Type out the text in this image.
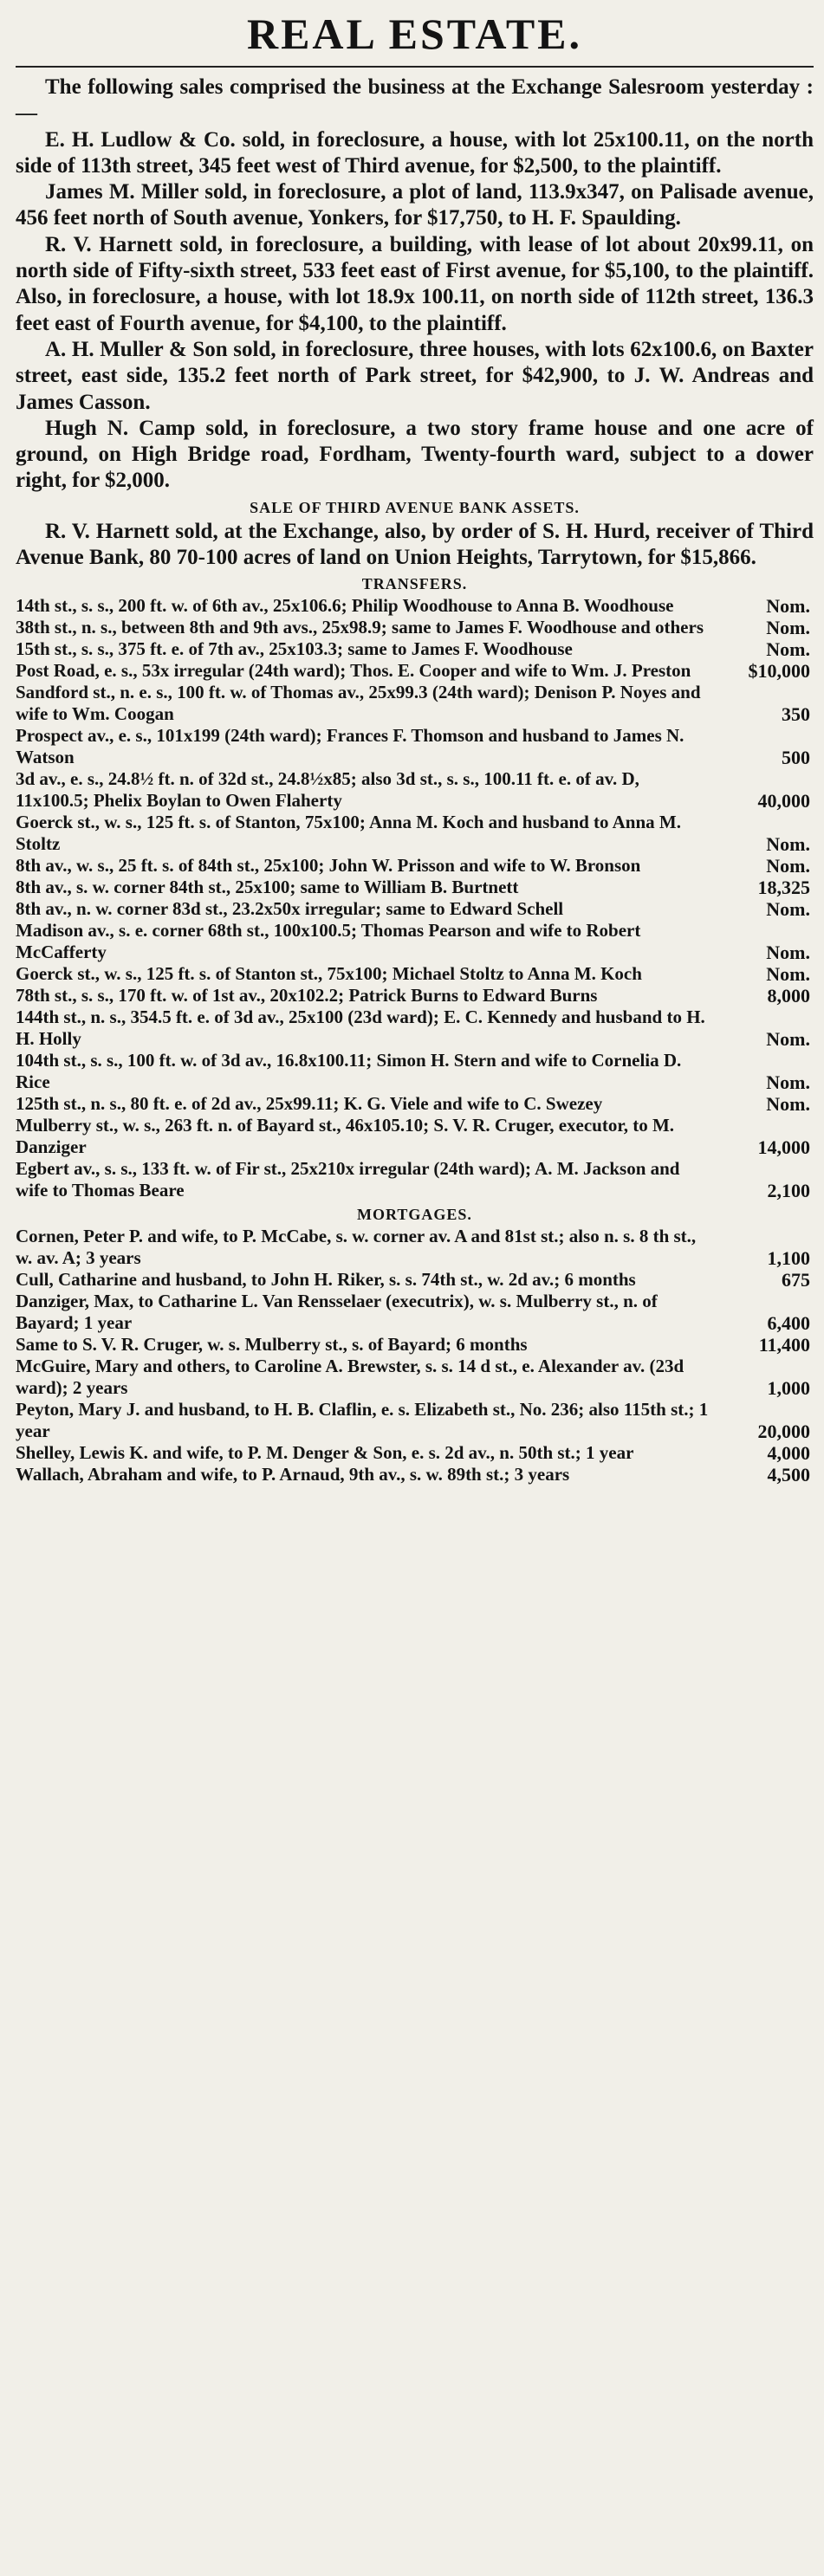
REAL ESTATE.

The following sales comprised the business at the Exchange Salesroom yesterday :—

E. H. Ludlow & Co. sold, in foreclosure, a house, with lot 25x100.11, on the north side of 113th street, 345 feet west of Third avenue, for $2,500, to the plaintiff.

James M. Miller sold, in foreclosure, a plot of land, 113.9x347, on Palisade avenue, 456 feet north of South avenue, Yonkers, for $17,750, to H. F. Spaulding.

R. V. Harnett sold, in foreclosure, a building, with lease of lot about 20x99.11, on north side of Fifty-sixth street, 533 feet east of First avenue, for $5,100, to the plaintiff. Also, in foreclosure, a house, with lot 18.9x 100.11, on north side of 112th street, 136.3 feet east of Fourth avenue, for $4,100, to the plaintiff.

A. H. Muller & Son sold, in foreclosure, three houses, with lots 62x100.6, on Baxter street, east side, 135.2 feet north of Park street, for $42,900, to J. W. Andreas and James Casson.

Hugh N. Camp sold, in foreclosure, a two story frame house and one acre of ground, on High Bridge road, Fordham, Twenty-fourth ward, subject to a dower right, for $2,000.

SALE OF THIRD AVENUE BANK ASSETS.

R. V. Harnett sold, at the Exchange, also, by order of S. H. Hurd, receiver of Third Avenue Bank, 80 70-100 acres of land on Union Heights, Tarrytown, for $15,866.

TRANSFERS.
14th st., s. s., 200 ft. w. of 6th av., 25x106.6; Philip Woodhouse to Anna B. Woodhouse	Nom.
38th st., n. s., between 8th and 9th avs., 25x98.9; same to James F. Woodhouse and others	Nom.
15th st., s. s., 375 ft. e. of 7th av., 25x103.3; same to James F. Woodhouse	Nom.
Post Road, e. s., 53x irregular (24th ward); Thos. E. Cooper and wife to Wm. J. Preston	$10,000
Sandford st., n. e. s., 100 ft. w. of Thomas av., 25x99.3 (24th ward); Denison P. Noyes and wife to Wm. Coogan	350
Prospect av., e. s., 101x199 (24th ward); Frances F. Thomson and husband to James N. Watson	500
3d av., e. s., 24.8½ ft. n. of 32d st., 24.8½x85; also 3d st., s. s., 100.11 ft. e. of av. D, 11x100.5; Phelix Boylan to Owen Flaherty	40,000
Goerck st., w. s., 125 ft. s. of Stanton, 75x100; Anna M. Koch and husband to Anna M. Stoltz	Nom.
8th av., w. s., 25 ft. s. of 84th st., 25x100; John W. Prisson and wife to W. Bronson	Nom.
8th av., s. w. corner 84th st., 25x100; same to William B. Burtnett	18,325
8th av., n. w. corner 83d st., 23.2x50x irregular; same to Edward Schell	Nom.
Madison av., s. e. corner 68th st., 100x100.5; Thomas Pearson and wife to Robert McCafferty	Nom.
Goerck st., w. s., 125 ft. s. of Stanton st., 75x100; Michael Stoltz to Anna M. Koch	Nom.
78th st., s. s., 170 ft. w. of 1st av., 20x102.2; Patrick Burns to Edward Burns	8,000
144th st., n. s., 354.5 ft. e. of 3d av., 25x100 (23d ward); E. C. Kennedy and husband to H. H. Holly	Nom.
104th st., s. s., 100 ft. w. of 3d av., 16.8x100.11; Simon H. Stern and wife to Cornelia D. Rice	Nom.
125th st., n. s., 80 ft. e. of 2d av., 25x99.11; K. G. Viele and wife to C. Swezey	Nom.
Mulberry st., w. s., 263 ft. n. of Bayard st., 46x105.10; S. V. R. Cruger, executor, to M. Danziger	14,000
Egbert av., s. s., 133 ft. w. of Fir st., 25x210x irregular (24th ward); A. M. Jackson and wife to Thomas Beare	2,100
MORTGAGES.
Cornen, Peter P. and wife, to P. McCabe, s. w. corner av. A and 81st st.; also n. s. 8 th st., w. av. A; 3 years	1,100
Cull, Catharine and husband, to John H. Riker, s. s. 74th st., w. 2d av.; 6 months	675
Danziger, Max, to Catharine L. Van Rensselaer (executrix), w. s. Mulberry st., n. of Bayard; 1 year	6,400
Same to S. V. R. Cruger, w. s. Mulberry st., s. of Bayard; 6 months	11,400
McGuire, Mary and others, to Caroline A. Brewster, s. s. 14 d st., e. Alexander av. (23d ward); 2 years	1,000
Peyton, Mary J. and husband, to H. B. Claflin, e. s. Elizabeth st., No. 236; also 115th st.; 1 year	20,000
Shelley, Lewis K. and wife, to P. M. Denger & Son, e. s. 2d av., n. 50th st.; 1 year	4,000
Wallach, Abraham and wife, to P. Arnaud, 9th av., s. w. 89th st.; 3 years	4,500
